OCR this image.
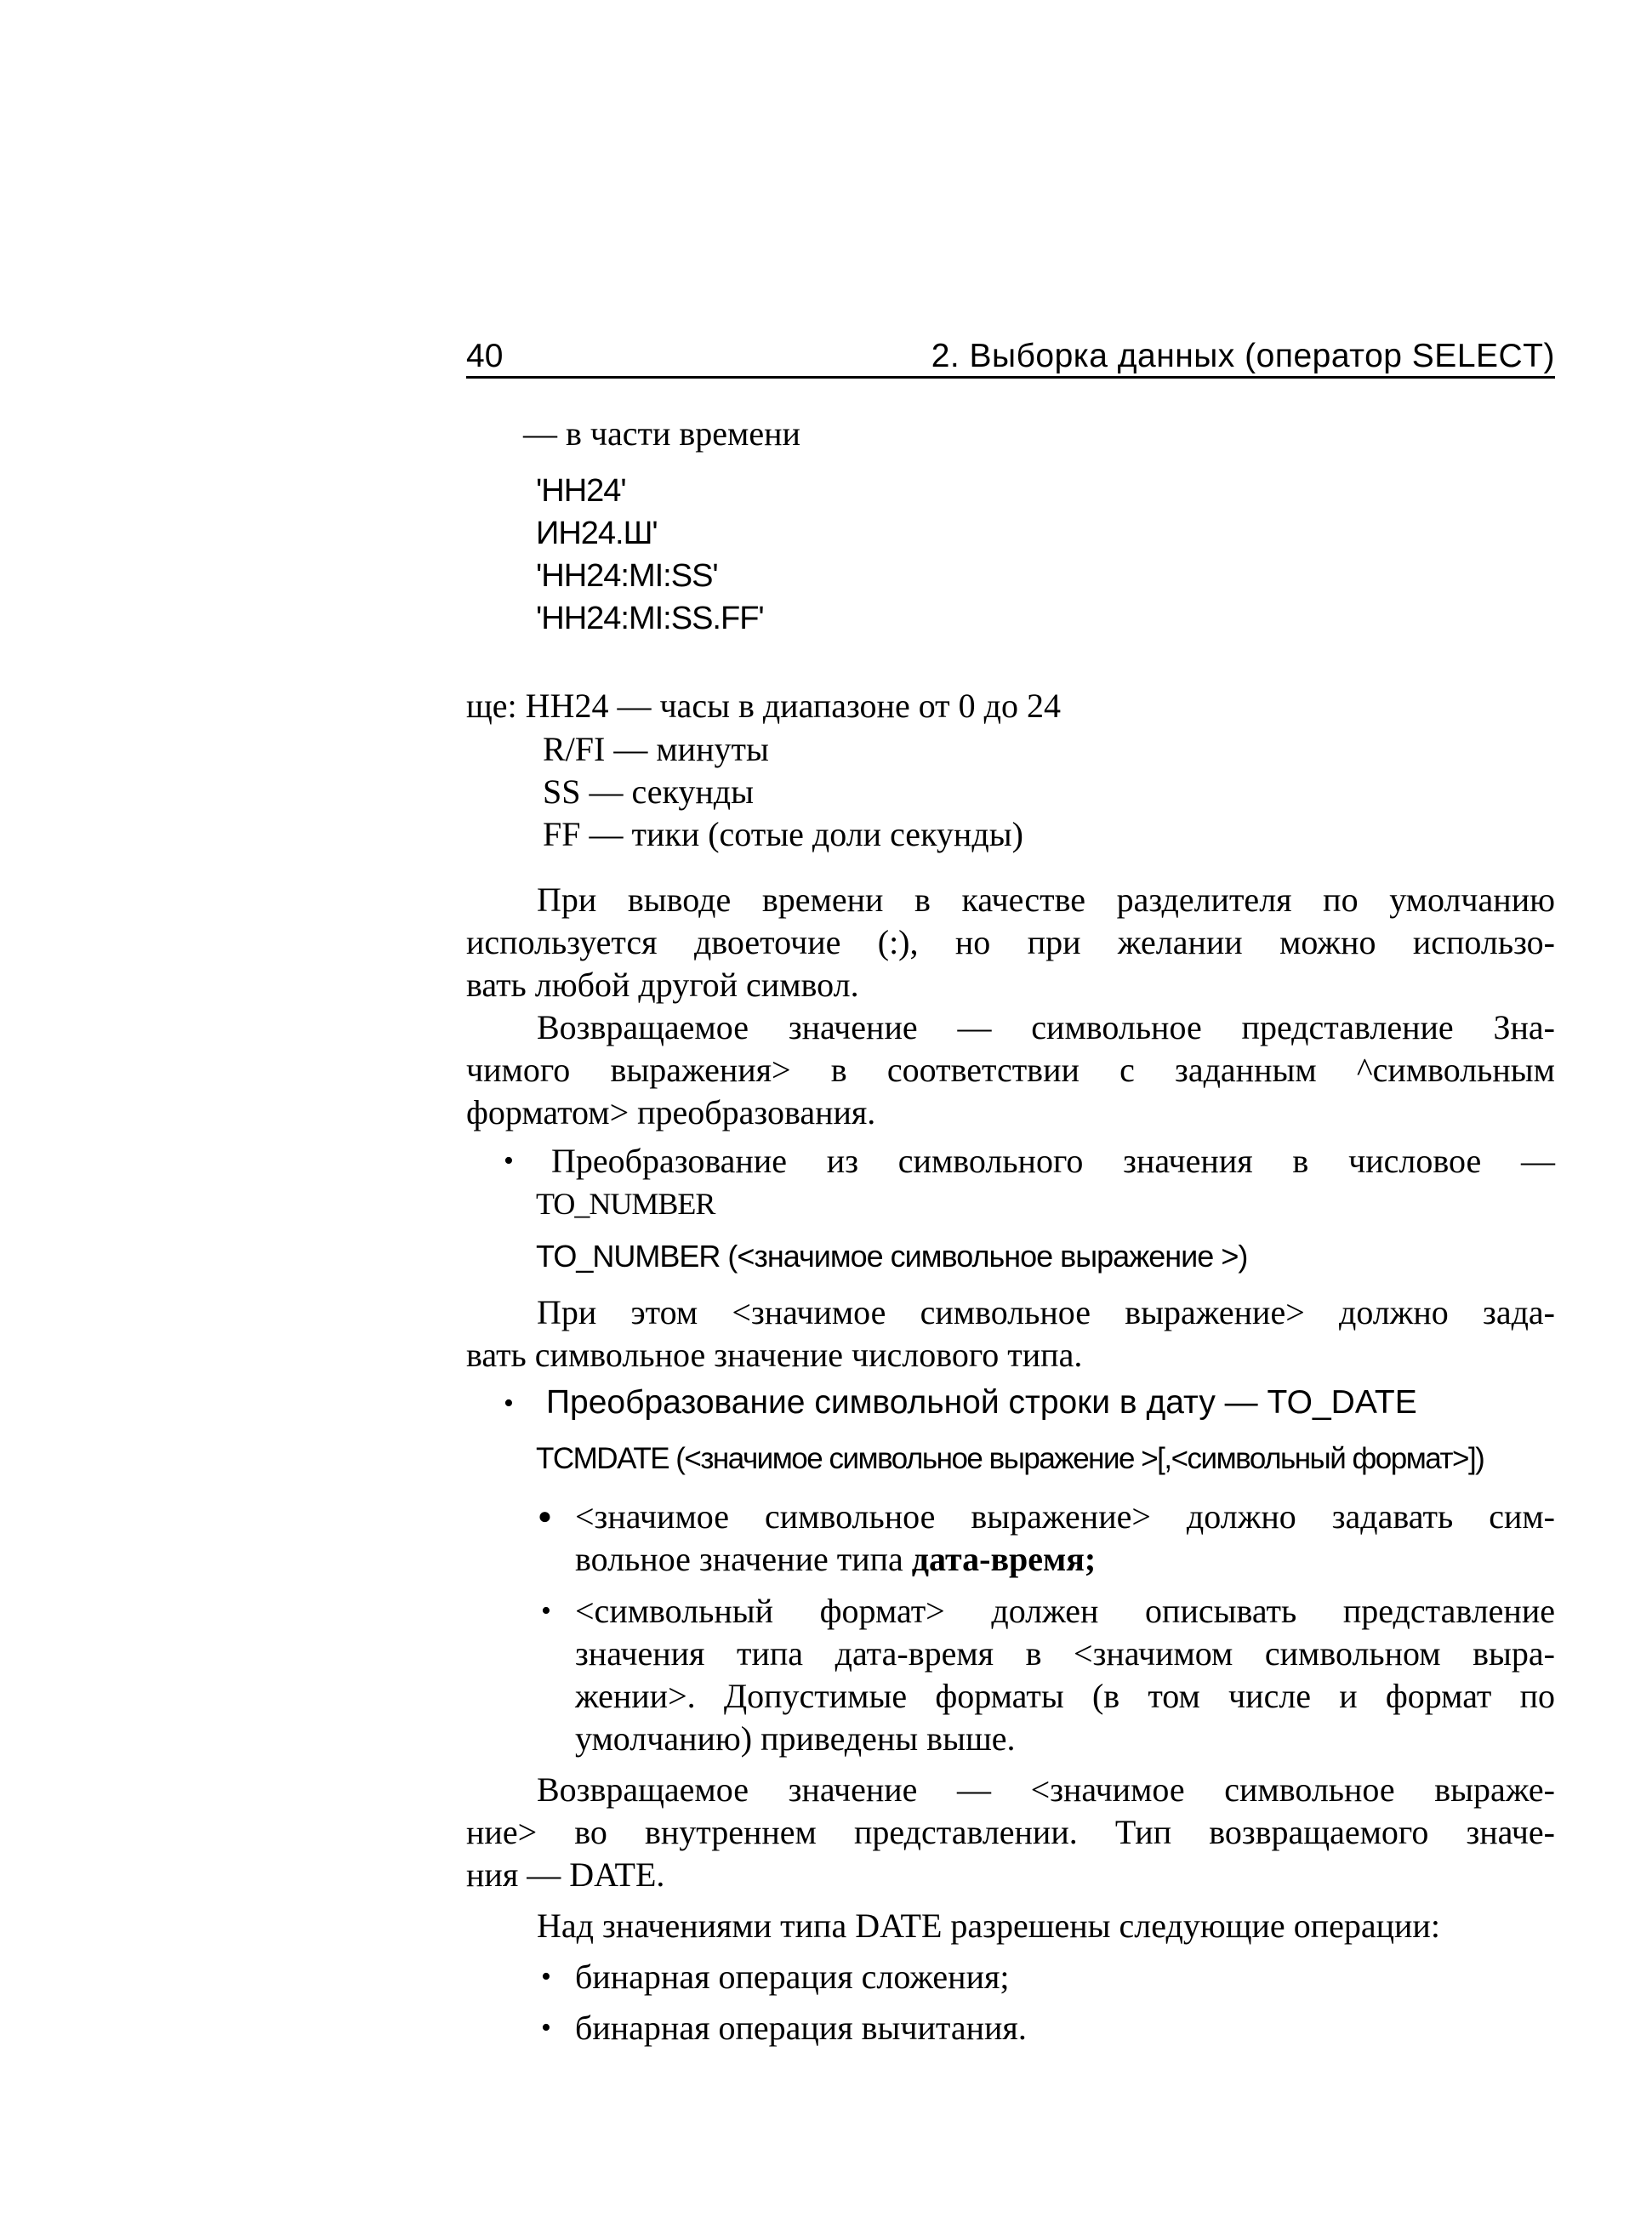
40	2. Выборка данных (оператор SELECT)
— в части времени
'HH24'
ИН24.Ш'
'HH24:MI:SS'
'HH24:MI:SS.FF'
ще: НН24 — часы в диапазоне от 0 до 24
R/FI — минуты
SS — секунды
FF — тики (сотые доли секунды)
При выводе времени в качестве разделителя по умолчанию
используется двоеточие (:), но при желании можно использо-
вать любой другой символ.
Возвращаемое значение — символьное представление Зна-
чимого выражения> в соответствии с заданным ^символьным
форматом> преобразования.
• Преобразование из символьного значения в числовое —
TO_NUMBER
TO_NUMBER (<значимое символьное выражение >)
При этом <значимое символьное выражение> должно зада-
вать символьное значение числового типа.
• Преобразование символьной строки в дату — TO_DATE
TCMDATE (<значимое символьное выражение >[,<символьный формат>])
● <значимое символьное выражение> должно задавать сим-
вольное значение типа дата-время;
• <символьный формат> должен описывать представление
значения типа дата-время в <значимом символьном выра-
жении>. Допустимые форматы (в том числе и формат по
умолчанию) приведены выше.
Возвращаемое значение — <значимое символьное выраже-
ние> во внутреннем представлении. Тип возвращаемого значе-
ния — DATE.
Над значениями типа DATE разрешены следующие операции:
• бинарная операция сложения;
• бинарная операция вычитания.
